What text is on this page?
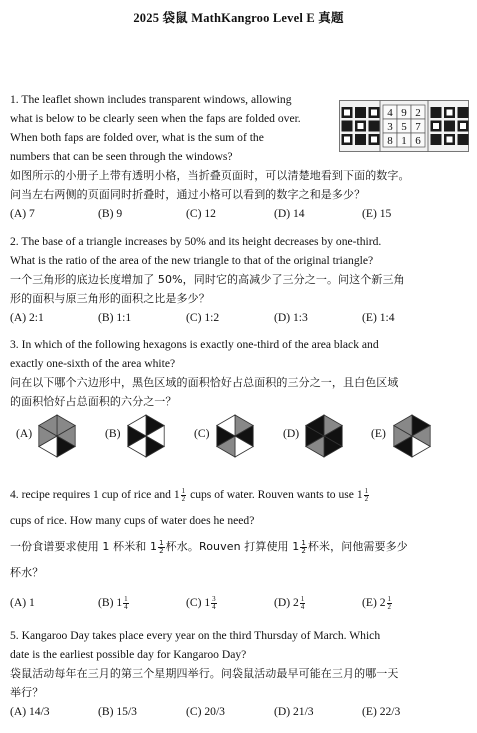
2025 袋鼠 MathKangroo Level E 真题

1. The leaflet shown includes transparent windows, allowing

what is below to be clearly seen when the faps are folded over.

When both faps are folded over, what is the sum of the

numbers that can be seen through the windows?

如图所示的小册子上带有透明小格，当折叠页面时，可以清楚地看到下面的数字。

问当左右两侧的页面同时折叠时，通过小格可以看到的数字之和是多少？

(A) 7	(B) 9	(C) 12	(D) 14	(E) 15
4 9 2
3 5 7
8 1 6

2. The base of a triangle increases by 50% and its height decreases by one-third.

What is the ratio of the area of the new triangle to that of the original triangle?

一个三角形的底边长度增加了 50%，同时它的高减少了三分之一。问这个新三角

形的面积与原三角形的面积之比是多少？

(A) 2:1	(B) 1:1	(C) 1:2	(D) 1:3	(E) 1:4

3. In which of the following hexagons is exactly one-third of the area black and

exactly one-sixth of the area white?

问在以下哪个六边形中，黑色区域的面积恰好占总面积的三分之一，且白色区域

的面积恰好占总面积的六分之一？

(A)	(B)	(C)	(D)	(E)

4. recipe requires 1 cup of rice and $1 \frac{1}{2}$ cups of water. Rouven wants to use $1 \frac{1}{2}$

cups of rice. How many cups of water does he need?

一份食谱要求使用 1 杯米和 $1 \frac{1}{2}$ 杯水。Rouven 打算使用 $1 \frac{1}{2}$ 杯米，问他需要多少

杯水？

(A) 1	(B) $1 \frac{1}{4}$	(C) $1 \frac{3}{4}$	(D) $2 \frac{1}{4}$	(E) $2 \frac{1}{2}$

5. Kangaroo Day takes place every year on the third Thursday of March. Which

date is the earliest possible day for Kangaroo Day?

袋鼠活动每年在三月的第三个星期四举行。问袋鼠活动最早可能在三月的哪一天

举行？

(A) 14/3	(B) 15/3	(C) 20/3	(D) 21/3	(E) 22/3
